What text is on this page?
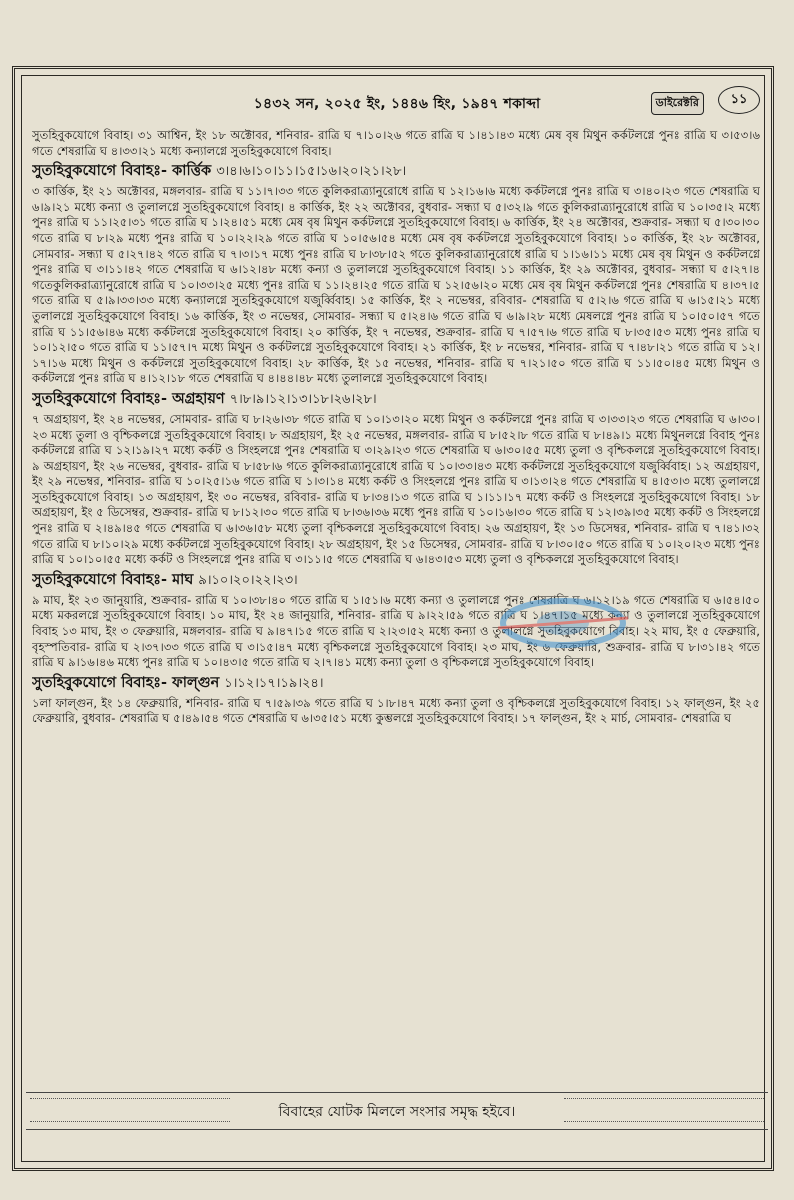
১৪৩২ সন, ২০২৫ ইং, ১৪৪৬ হিং, ১৯৪৭ শকাব্দা	ডাইরেক্টরি	১১

সুতহিবুকযোগে বিবাহ। ৩১ আশ্বিন, ইং ১৮ অক্টোবর, শনিবার- রাত্রি ঘ ৭।১০।২৬ গতে রাত্রি ঘ ১।৪১।৪৩ মধ্যে মেষ বৃষ মিথুন কর্কটলগ্নে পুনঃ রাত্রি ঘ ৩।৫৩।৬ গতে শেষরাত্রি ঘ ৪।৩৩।২১ মধ্যে কন্যালগ্নে সুতহিবুকযোগে বিবাহ।

সুতহিবুকযোগে বিবাহঃ- কার্ত্তিক ৩।৪।৬।১০।১১।১৫।১৬।২০।২১।২৮।

৩ কার্ত্তিক, ইং ২১ অক্টোবর, মঙ্গলবার- রাত্রি ঘ ১১।৭।৩৩ গতে কুলিকরাত্র্যানুরোধে রাত্রি ঘ ১২।১৬।৬ মধ্যে কর্কটলগ্নে পুনঃ রাত্রি ঘ ৩।৪০।২৩ গতে শেষরাত্রি ঘ ৬।৯।২১ মধ্যে কন্যা ও তুলালগ্নে সুতহিবুকযোগে বিবাহ। ৪ কার্ত্তিক, ইং ২২ অক্টোবর, বুধবার- সন্ধ্যা ঘ ৫।৩২।৯ গতে কুলিকরাত্র্যানুরোধে রাত্রি ঘ ১০।৩৫।২ মধ্যে পুনঃ রাত্রি ঘ ১১।২৫।৩১ গতে রাত্রি ঘ ১।২৪।৫১ মধ্যে মেষ বৃষ মিথুন কর্কটলগ্নে সুতহিবুকযোগে বিবাহ। ৬ কার্ত্তিক, ইং ২৪ অক্টোবর, শুক্রবার- সন্ধ্যা ঘ ৫।৩০।৩০ গতে রাত্রি ঘ ৮।২৯ মধ্যে পুনঃ রাত্রি ঘ ১০।২২।২৯ গতে রাত্রি ঘ ১০।৫৬।৫৪ মধ্যে মেষ বৃষ কর্কটলগ্নে সুতহিবুকযোগে বিবাহ। ১০ কার্ত্তিক, ইং ২৮ অক্টোবর, সোমবার- সন্ধ্যা ঘ ৫।২৭।৪২ গতে রাত্রি ঘ ৭।৩।১৭ মধ্যে পুনঃ রাত্রি ঘ ৮।৩৮।৫২ গতে কুলিকরাত্র্যানুরোধে রাত্রি ঘ ১।১৬।১১ মধ্যে মেষ বৃষ মিথুন ও কর্কটলগ্নে পুনঃ রাত্রি ঘ ৩।১১।৪২ গতে শেষরাত্রি ঘ ৬।১২।৪৮ মধ্যে কন্যা ও তুলালগ্নে সুতহিবুকযোগে বিবাহ। ১১ কার্ত্তিক, ইং ২৯ অক্টোবর, বুধবার- সন্ধ্যা ঘ ৫।২৭।৪ গতেকুলিকরাত্র্যানুরোধে রাত্রি ঘ ১০।৩৩।২৫ মধ্যে পুনঃ রাত্রি ঘ ১১।২৪।২৫ গতে রাত্রি ঘ ১২।৫৬।২০ মধ্যে মেষ বৃষ মিথুন কর্কটলগ্নে পুনঃ শেষরাত্রি ঘ ৪।৩৭।৫ গতে রাত্রি ঘ ৫।৯।৩৩।৩৩ মধ্যে কন্যালগ্নে সুতহিবুকযোগে যজুর্ব্বিবাহ। ১৫ কার্ত্তিক, ইং ২ নভেম্বর, রবিবার- শেষরাত্রি ঘ ৫।২।৬ গতে রাত্রি ঘ ৬।১৫।২১ মধ্যে তুলালগ্নে সুতহিবুকযোগে বিবাহ। ১৬ কার্ত্তিক, ইং ৩ নভেম্বর, সোমবার- সন্ধ্যা ঘ ৫।২৪।৬ গতে রাত্রি ঘ ৬।৯।২৮ মধ্যে মেষলগ্নে পুনঃ রাত্রি ঘ ১০।৫০।৫৭ গতে রাত্রি ঘ ১১।৫৬।৪৬ মধ্যে কর্কটলগ্নে সুতহিবুকযোগে বিবাহ। ২০ কার্ত্তিক, ইং ৭ নভেম্বর, শুক্রবার- রাত্রি ঘ ৭।৫৭।৬ গতে রাত্রি ঘ ৮।৩৫।৫৩ মধ্যে পুনঃ রাত্রি ঘ ১০।১২।৫০ গতে রাত্রি ঘ ১১।৫৭।৭ মধ্যে মিথুন ও কর্কটলগ্নে সুতহিবুকযোগে বিবাহ। ২১ কার্ত্তিক, ইং ৮ নভেম্বর, শনিবার- রাত্রি ঘ ৭।৪৮।২১ গতে রাত্রি ঘ ১২।১৭।১৬ মধ্যে মিথুন ও কর্কটলগ্নে সুতহিবুকযোগে বিবাহ। ২৮ কার্ত্তিক, ইং ১৫ নভেম্বর, শনিবার- রাত্রি ঘ ৭।২১।৫০ গতে রাত্রি ঘ ১১।৫০।৪৫ মধ্যে মিথুন ও কর্কটলগ্নে পুনঃ রাত্রি ঘ ৪।১২।১৮ গতে শেষরাত্রি ঘ ৪।৪৪।৪৮ মধ্যে তুলালগ্নে সুতহিবুকযোগে বিবাহ।

সুতহিবুকযোগে বিবাহঃ- অগ্রহায়ণ ৭।৮।৯।১২।১৩।১৮।২৬।২৮।

৭ অগ্রহায়ণ, ইং ২৪ নভেম্বর, সোমবার- রাত্রি ঘ ৮।২৬।৩৮ গতে রাত্রি ঘ ১০।১৩।২০ মধ্যে মিথুন ও কর্কটলগ্নে পুনঃ রাত্রি ঘ ৩।৩৩।২৩ গতে শেষরাত্রি ঘ ৬।৩০।২৩ মধ্যে তুলা ও বৃশ্চিকলগ্নে সুতহিবুকযোগে বিবাহ। ৮ অগ্রহায়ণ, ইং ২৫ নভেম্বর, মঙ্গলবার- রাত্রি ঘ ৮।৫২।৮ গতে রাত্রি ঘ ৮।৪৯।১ মধ্যে মিথুনলগ্নে বিবাহ পুনঃ কর্কটলগ্নে রাত্রি ঘ ১২।১৯।২৭ মধ্যে কর্কট ও সিংহলগ্নে পুনঃ শেষরাত্রি ঘ ৩।২৯।২৩ গতে শেষরাত্রি ঘ ৬।৩০।৫৫ মধ্যে তুলা ও বৃশ্চিকলগ্নে সুতহিবুকযোগে বিবাহ। ৯ অগ্রহায়ণ, ইং ২৬ নভেম্বর, বুধবার- রাত্রি ঘ ৮।৫৮।৬ গতে কুলিকরাত্র্যানুরোধে রাত্রি ঘ ১০।৩৩।৪৩ মধ্যে কর্কটলগ্নে সুতহিবুকযোগে যজুর্ব্বিবাহ। ১২ অগ্রহায়ণ, ইং ২৯ নভেম্বর, শনিবার- রাত্রি ঘ ১০।২৫।১৬ গতে রাত্রি ঘ ১।৩।১৪ মধ্যে কর্কট ও সিংহলগ্নে পুনঃ রাত্রি ঘ ৩।১৩।২৪ গতে শেষরাত্রি ঘ ৪।৫৩।৩ মধ্যে তুলালগ্নে সুতহিবুকযোগে বিবাহ। ১৩ অগ্রহায়ণ, ইং ৩০ নভেম্বর, রবিবার- রাত্রি ঘ ৮।৩৪।১৩ গতে রাত্রি ঘ ১।১১।১৭ মধ্যে কর্কট ও সিংহলগ্নে সুতহিবুকযোগে বিবাহ। ১৮ অগ্রহায়ণ, ইং ৫ ডিসেম্বর, শুক্রবার- রাত্রি ঘ ৮।১২।৩০ গতে রাত্রি ঘ ৮।৩৬।৩৬ মধ্যে পুনঃ রাত্রি ঘ ১০।১৬।৩০ গতে রাত্রি ঘ ১২।৩৯।৩৫ মধ্যে কর্কট ও সিংহলগ্নে পুনঃ রাত্রি ঘ ২।৪৯।৪৫ গতে শেষরাত্রি ঘ ৬।৩৬।৫৮ মধ্যে তুলা বৃশ্চিকলগ্নে সুতহিবুকযোগে বিবাহ। ২৬ অগ্রহায়ণ, ইং ১৩ ডিসেম্বর, শনিবার- রাত্রি ঘ ৭।৪১।৩২ গতে রাত্রি ঘ ৮।১০।২৯ মধ্যে কর্কটলগ্নে সুতহিবুকযোগে বিবাহ। ২৮ অগ্রহায়ণ, ইং ১৫ ডিসেম্বর, সোমবার- রাত্রি ঘ ৮।৩০।৫০ গতে রাত্রি ঘ ১০।২০।২৩ মধ্যে পুনঃ রাত্রি ঘ ১০।১০।৫৫ মধ্যে কর্কট ও সিংহলগ্নে পুনঃ রাত্রি ঘ ৩।১১।৫ গতে শেষরাত্রি ঘ ৬।৪৩।৫৩ মধ্যে তুলা ও বৃশ্চিকলগ্নে সুতহিবুকযোগে বিবাহ।

সুতহিবুকযোগে বিবাহঃ- মাঘ ৯।১০।২০।২২।২৩।

৯ মাঘ, ইং ২৩ জানুয়ারি, শুক্রবার- রাত্রি ঘ ১০।৩৮।৪০ গতে রাত্রি ঘ ১।৫১।৬ মধ্যে কন্যা ও তুলালগ্নে পুনঃ শেষরাত্রি ঘ ৬।১২।১৯ গতে শেষরাত্রি ঘ ৬।৫৪।৫০ মধ্যে মকরলগ্নে সুতহিবুকযোগে বিবাহ। ১০ মাঘ, ইং ২৪ জানুয়ারি, শনিবার- রাত্রি ঘ ৯।২২।৫৯ গতে রাত্রি ঘ ১।৪৭।১৫ মধ্যে কন্যা ও তুলালগ্নে সুতহিবুকযোগে বিবাহ ১৩ মাঘ, ইং ৩ ফেব্রুয়ারি, মঙ্গলবার- রাত্রি ঘ ৯।৪৭।১৫ গতে রাত্রি ঘ ২।২৩।৫২ মধ্যে কন্যা ও তুলালগ্নে সুতহিবুকযোগে বিবাহ। ২২ মাঘ, ইং ৫ ফেব্রুয়ারি, বৃহস্পতিবার- রাত্রি ঘ ২।৩৭।৩৩ গতে রাত্রি ঘ ৩।১৫।৪৭ মধ্যে বৃশ্চিকলগ্নে সুতহিবুকযোগে বিবাহ। ২৩ মাঘ, ইং ৬ ফেব্রুয়ারি, শুক্রবার- রাত্রি ঘ ৮।৩১।৪২ গতে রাত্রি ঘ ৯।১৬।৪৬ মধ্যে পুনঃ রাত্রি ঘ ১০।৪৩।৫ গতে রাত্রি ঘ ২।৭।৪১ মধ্যে কন্যা তুলা ও বৃশ্চিকলগ্নে সুতহিবুকযোগে বিবাহ।

সুতহিবুকযোগে বিবাহঃ- ফাল্গুন ১।১২।১৭।১৯।২৪।

১লা ফাল্গুন, ইং ১৪ ফেব্রুয়ারি, শনিবার- রাত্রি ঘ ৭।৫৯।৩৯ গতে রাত্রি ঘ ১।৮।৪৭ মধ্যে কন্যা তুলা ও বৃশ্চিকলগ্নে সুতহিবুকযোগে বিবাহ। ১২ ফাল্গুন, ইং ২৫ ফেব্রুয়ারি, বুধবার- শেষরাত্রি ঘ ৫।৪৯।৫৪ গতে শেষরাত্রি ঘ ৬।৩৫।৫১ মধ্যে কুম্ভলগ্নে সুতহিবুকযোগে বিবাহ। ১৭ ফাল্গুন, ইং ২ মার্চ, সোমবার- শেষরাত্রি ঘ

বিবাহের যোটক মিললে সংসার সমৃদ্ধ হইবে।
